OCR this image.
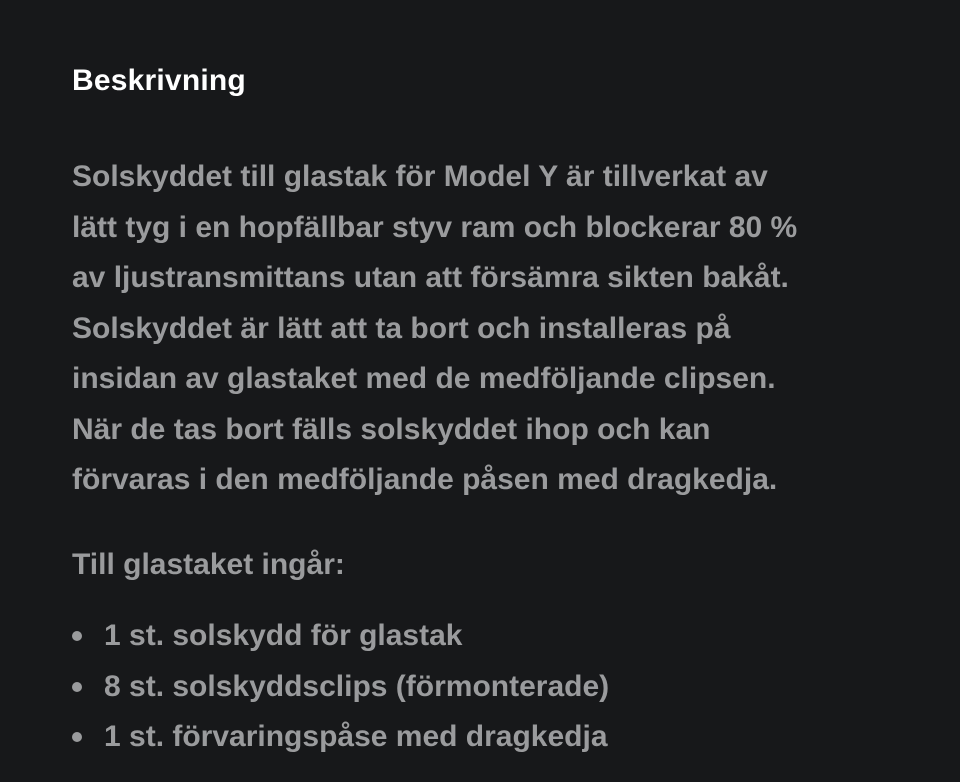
Beskrivning

Solskyddet till glastak för Model Y är tillverkat av
lätt tyg i en hopfällbar styv ram och blockerar 80 %
av ljustransmittans utan att försämra sikten bakåt.
Solskyddet är lätt att ta bort och installeras på
insidan av glastaket med de medföljande clipsen.
När de tas bort fälls solskyddet ihop och kan
förvaras i den medföljande påsen med dragkedja.

Till glastaket ingår:

1 st. solskydd för glastak
8 st. solskyddsclips (förmonterade)
1 st. förvaringspåse med dragkedja
